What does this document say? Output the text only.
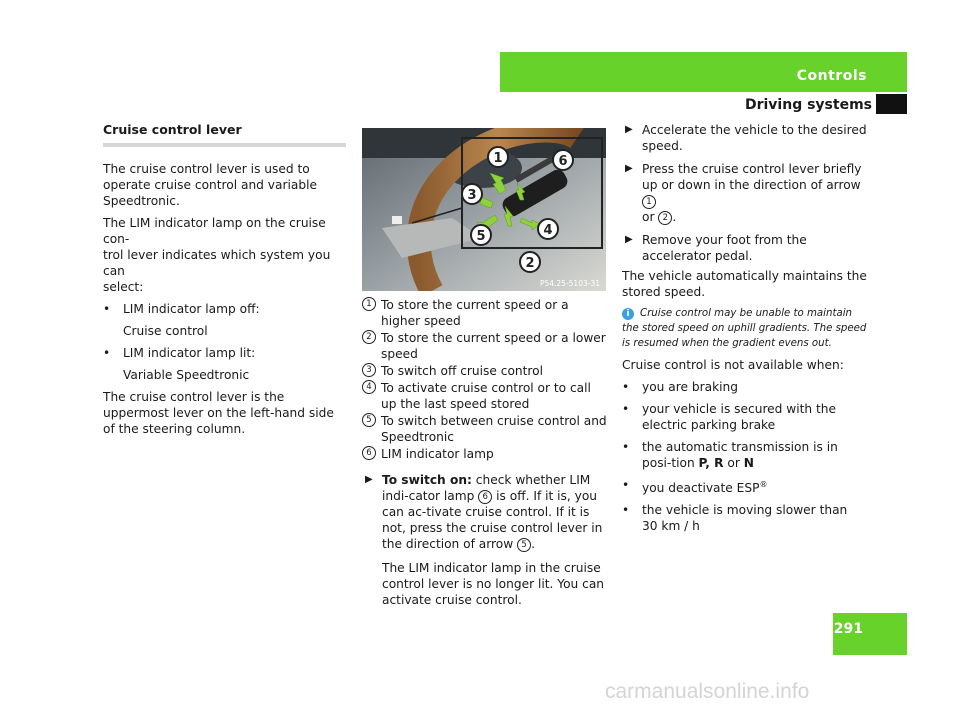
Controls
Driving systems
Cruise control lever

The cruise control lever is used to operate cruise control and variable Speedtronic.

The LIM indicator lamp on the cruise con-
trol lever indicates which system you can
select:

• LIM indicator lamp off:

Cruise control

• LIM indicator lamp lit:

Variable Speedtronic

The cruise control lever is the uppermost lever on the left-hand side of the steering column.

1	6
3
4
5
2
P54.25-5103-31
1 To store the current speed or a higher speed
2 To store the current speed or a lower speed
3 To switch off cruise control
4 To activate cruise control or to call up the last speed stored
5 To switch between cruise control and Speedtronic
6 LIM indicator lamp
▶ To switch on: check whether LIM indi-cator lamp 6 is off. If it is, you can ac-tivate cruise control. If it is not, press the cruise control lever in the direction of arrow 5 .

The LIM indicator lamp in the cruise control lever is no longer lit. You can activate cruise control.

▶ Accelerate the vehicle to the desired speed.
▶ Press the cruise control lever briefly up or down in the direction of arrow 1
or 2 .
▶ Remove your foot from the accelerator pedal.

The vehicle automatically maintains the stored speed.

i Cruise control may be unable to maintain the stored speed on uphill gradients. The speed is resumed when the gradient evens out.

Cruise control is not available when:

• you are braking
• your vehicle is secured with the electric parking brake
• the automatic transmission is in posi-tion P, R or N
• you deactivate ESP®
• the vehicle is moving slower than
30 km / h
291
carmanualsonline.info
